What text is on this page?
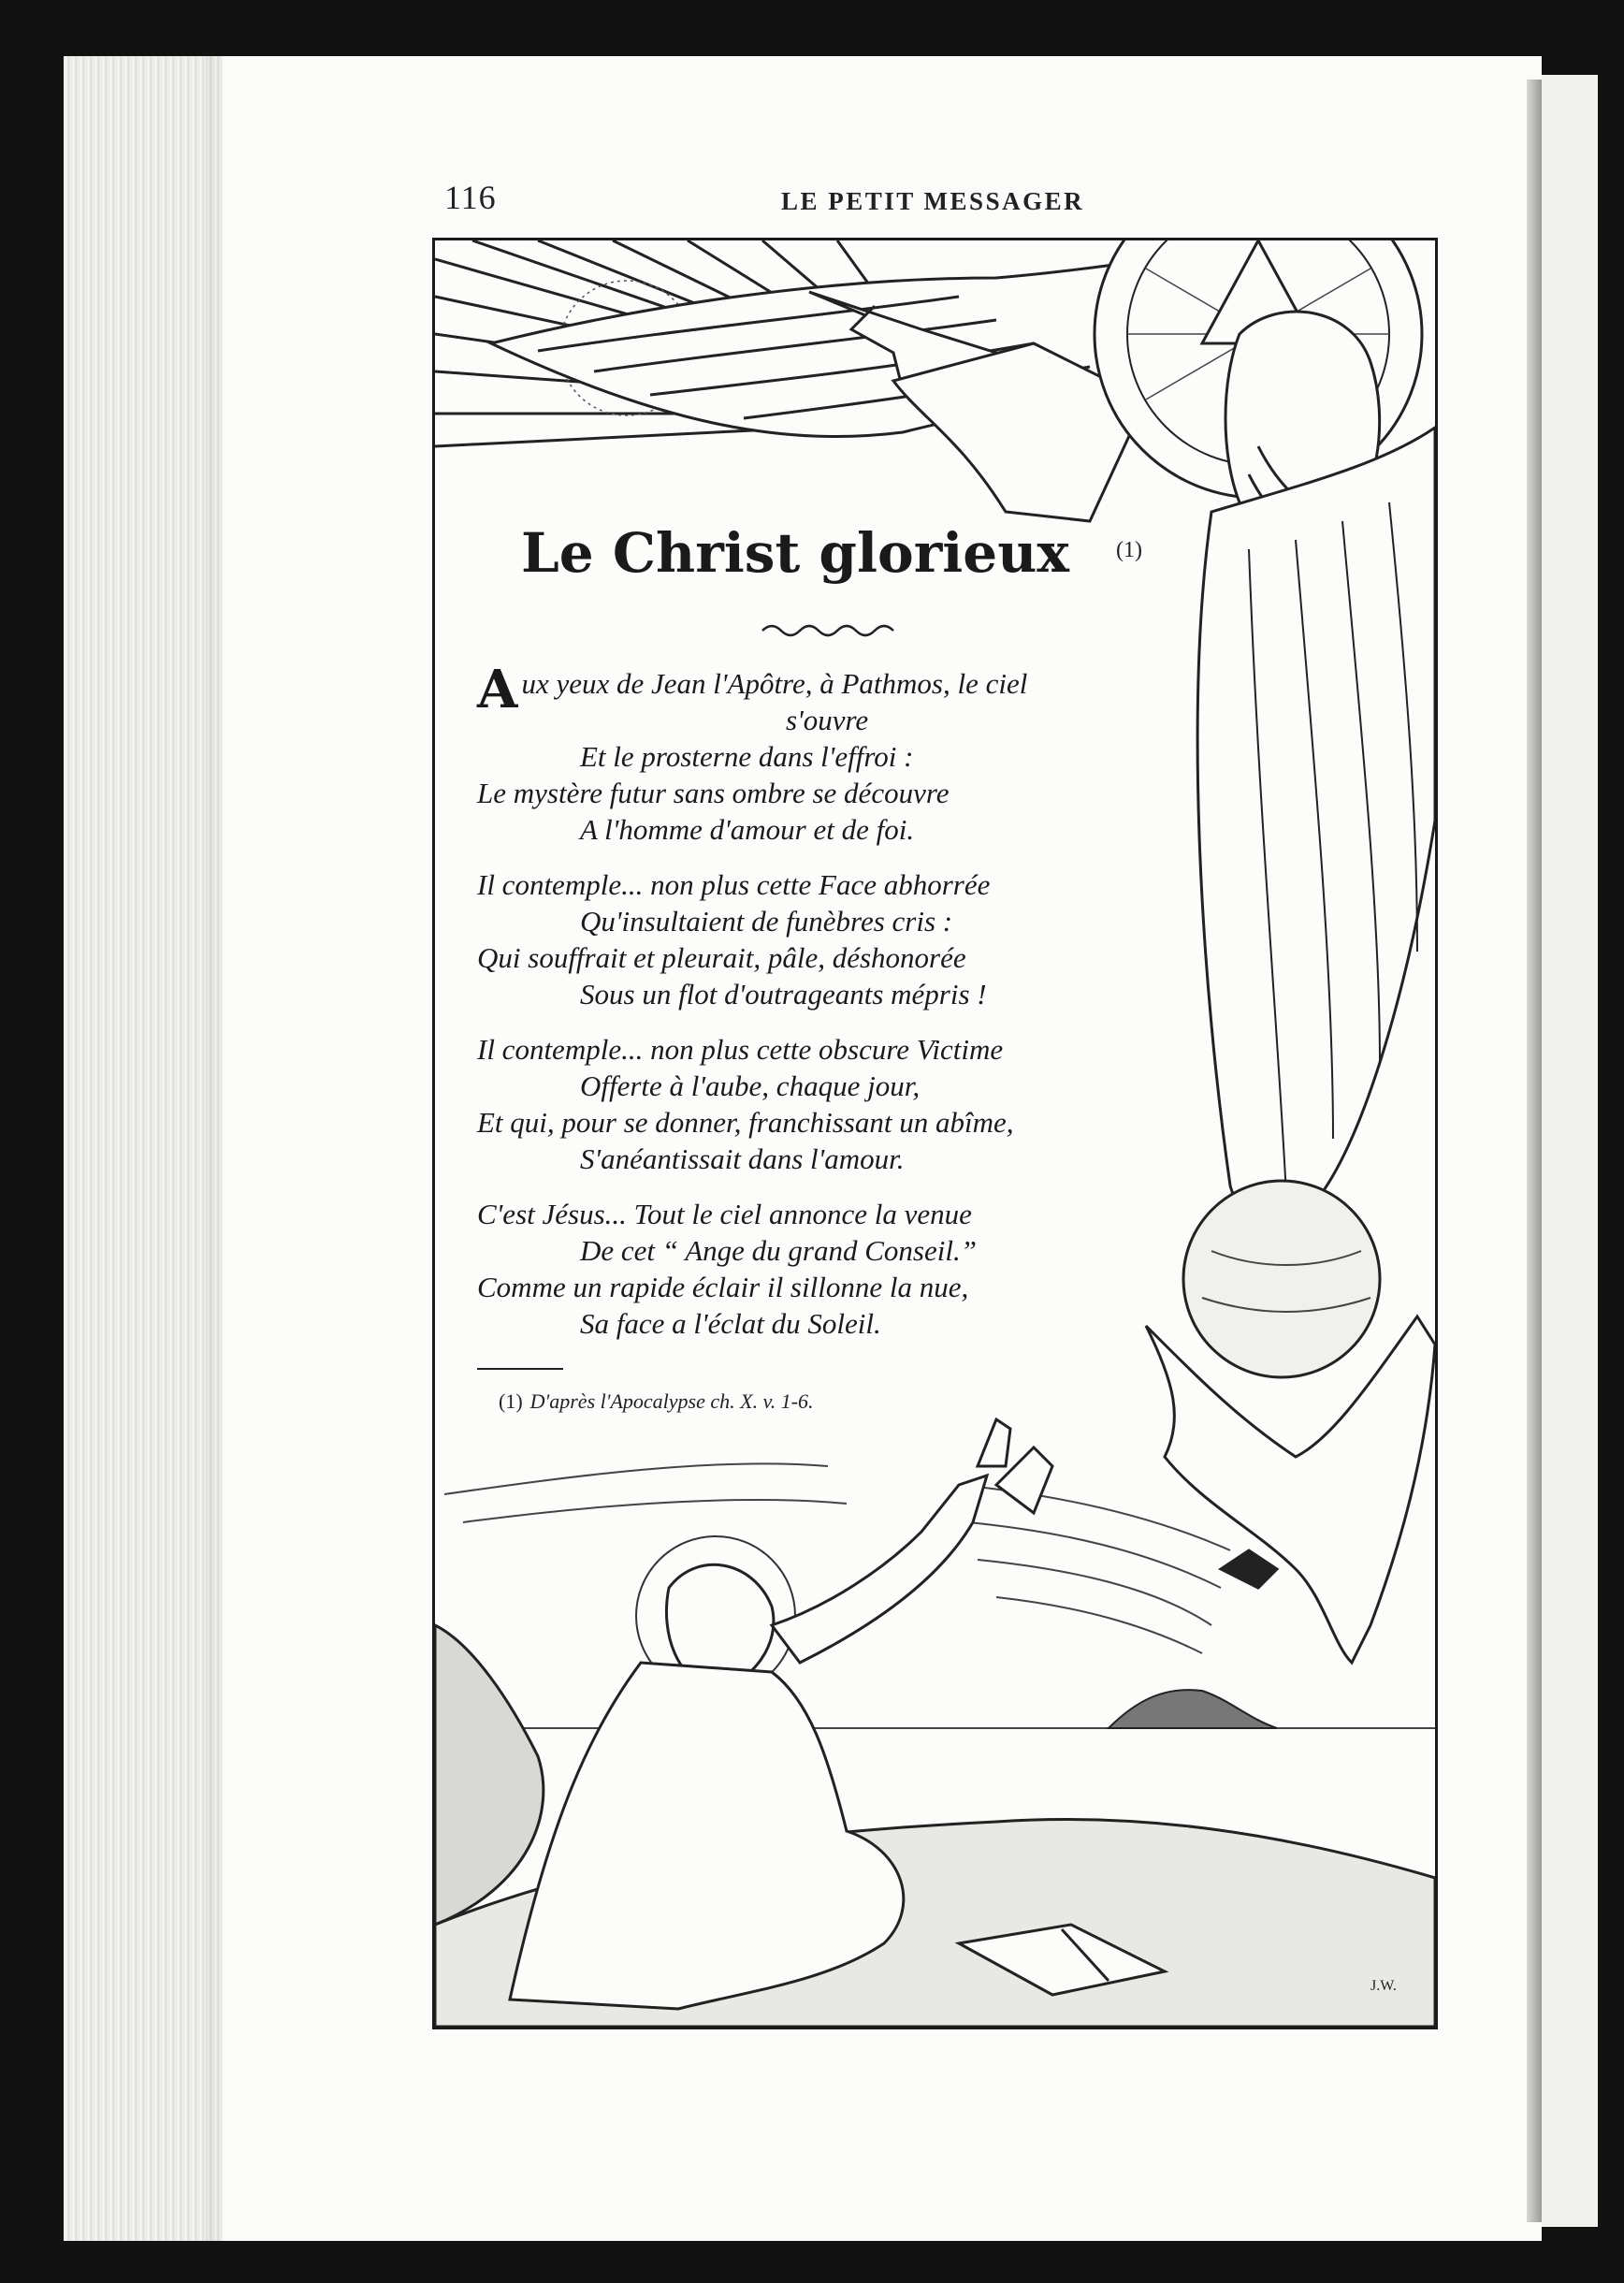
116	LE PETIT MESSAGER
J.W.
Le Christ glorieux (1)
Aux yeux de Jean l'Apôtre, à Pathmos, le ciel
s'ouvre
Et le prosterne dans l'effroi :
Le mystère futur sans ombre se découvre
A l'homme d'amour et de foi.
Il contemple... non plus cette Face abhorrée
Qu'insultaient de funèbres cris :
Qui souffrait et pleurait, pâle, déshonorée
Sous un flot d'outrageants mépris !
Il contemple... non plus cette obscure Victime
Offerte à l'aube, chaque jour,
Et qui, pour se donner, franchissant un abîme,
S'anéantissait dans l'amour.
C'est Jésus... Tout le ciel annonce la venue
De cet “ Ange du grand Conseil.”
Comme un rapide éclair il sillonne la nue,
Sa face a l'éclat du Soleil.
(1) D'après l'Apocalypse ch. X. v. 1-6.
